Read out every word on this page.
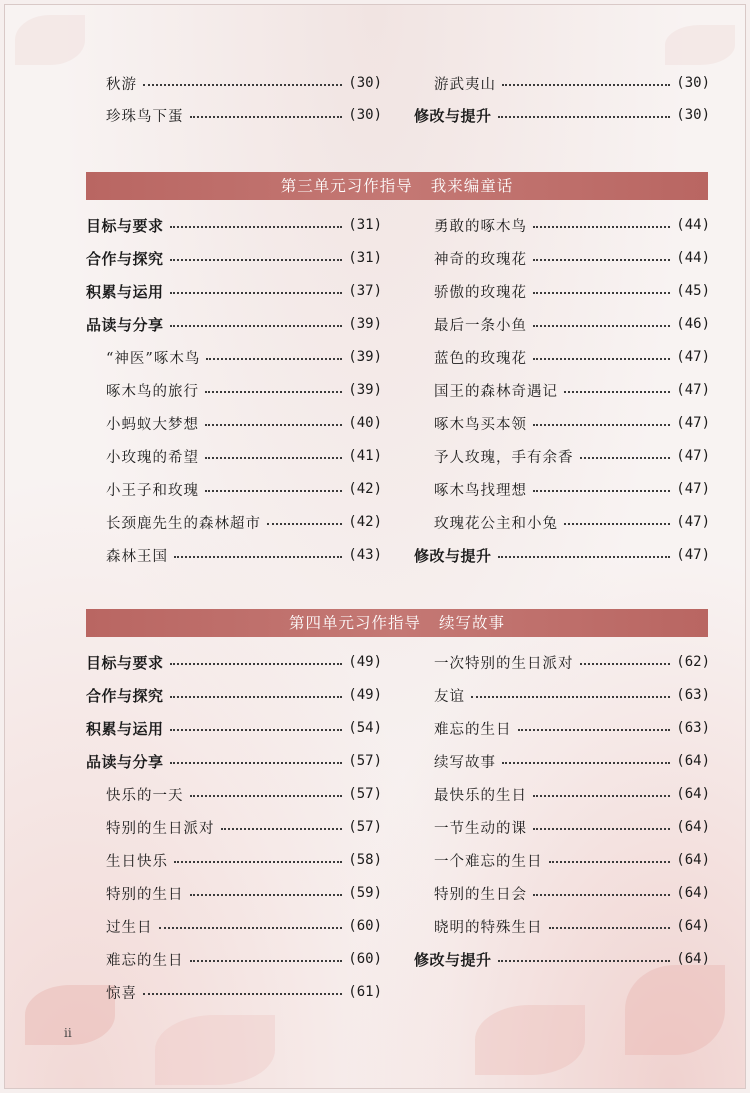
秋游	(30)
珍珠鸟下蛋	(30)
游武夷山	(30)
修改与提升	(30)
第三单元习作指导 我来编童话
目标与要求	(31)
合作与探究	(31)
积累与运用	(37)
品读与分享	(39)
“神医”啄木鸟	(39)
啄木鸟的旅行	(39)
小蚂蚁大梦想	(40)
小玫瑰的希望	(41)
小王子和玫瑰	(42)
长颈鹿先生的森林超市	(42)
森林王国	(43)
勇敢的啄木鸟	(44)
神奇的玫瑰花	(44)
骄傲的玫瑰花	(45)
最后一条小鱼	(46)
蓝色的玫瑰花	(47)
国王的森林奇遇记	(47)
啄木鸟买本领	(47)
予人玫瑰，手有余香	(47)
啄木鸟找理想	(47)
玫瑰花公主和小兔	(47)
修改与提升	(47)
第四单元习作指导 续写故事
目标与要求	(49)
合作与探究	(49)
积累与运用	(54)
品读与分享	(57)
快乐的一天	(57)
特别的生日派对	(57)
生日快乐	(58)
特别的生日	(59)
过生日	(60)
难忘的生日	(60)
惊喜	(61)
一次特别的生日派对	(62)
友谊	(63)
难忘的生日	(63)
续写故事	(64)
最快乐的生日	(64)
一节生动的课	(64)
一个难忘的生日	(64)
特别的生日会	(64)
晓明的特殊生日	(64)
修改与提升	(64)
ii
